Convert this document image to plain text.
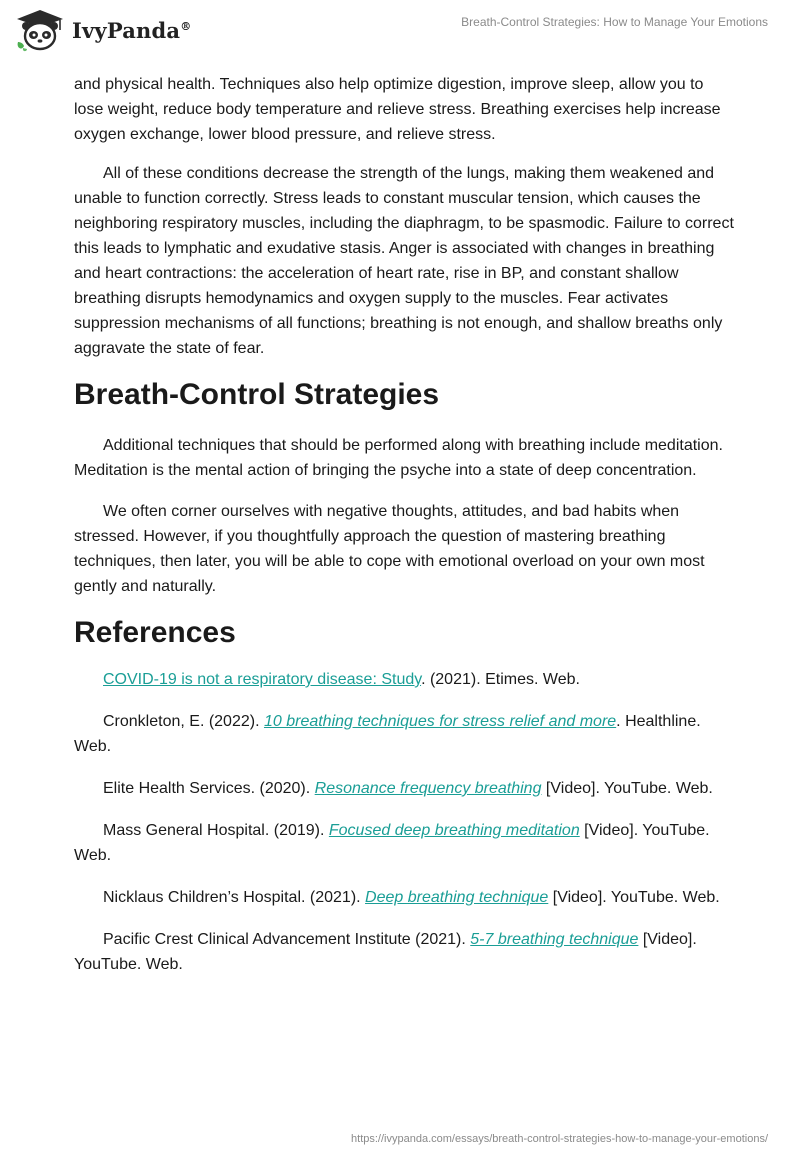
IvyPanda®	Breath-Control Strategies: How to Manage Your Emotions

and physical health. Techniques also help optimize digestion, improve sleep, allow you to lose weight, reduce body temperature and relieve stress. Breathing exercises help increase oxygen exchange, lower blood pressure, and relieve stress.

All of these conditions decrease the strength of the lungs, making them weakened and unable to function correctly. Stress leads to constant muscular tension, which causes the neighboring respiratory muscles, including the diaphragm, to be spasmodic. Failure to correct this leads to lymphatic and exudative stasis. Anger is associated with changes in breathing and heart contractions: the acceleration of heart rate, rise in BP, and constant shallow breathing disrupts hemodynamics and oxygen supply to the muscles. Fear activates suppression mechanisms of all functions; breathing is not enough, and shallow breaths only aggravate the state of fear.

Breath-Control Strategies

Additional techniques that should be performed along with breathing include meditation. Meditation is the mental action of bringing the psyche into a state of deep concentration.

We often corner ourselves with negative thoughts, attitudes, and bad habits when stressed. However, if you thoughtfully approach the question of mastering breathing techniques, then later, you will be able to cope with emotional overload on your own most gently and naturally.

References

COVID-19 is not a respiratory disease: Study. (2021). Etimes. Web.

Cronkleton, E. (2022). 10 breathing techniques for stress relief and more. Healthline. Web.

Elite Health Services. (2020). Resonance frequency breathing [Video]. YouTube. Web.

Mass General Hospital. (2019). Focused deep breathing meditation [Video]. YouTube. Web.

Nicklaus Children’s Hospital. (2021). Deep breathing technique [Video]. YouTube. Web.

Pacific Crest Clinical Advancement Institute (2021). 5-7 breathing technique [Video]. YouTube. Web.

https://ivypanda.com/essays/breath-control-strategies-how-to-manage-your-emotions/
